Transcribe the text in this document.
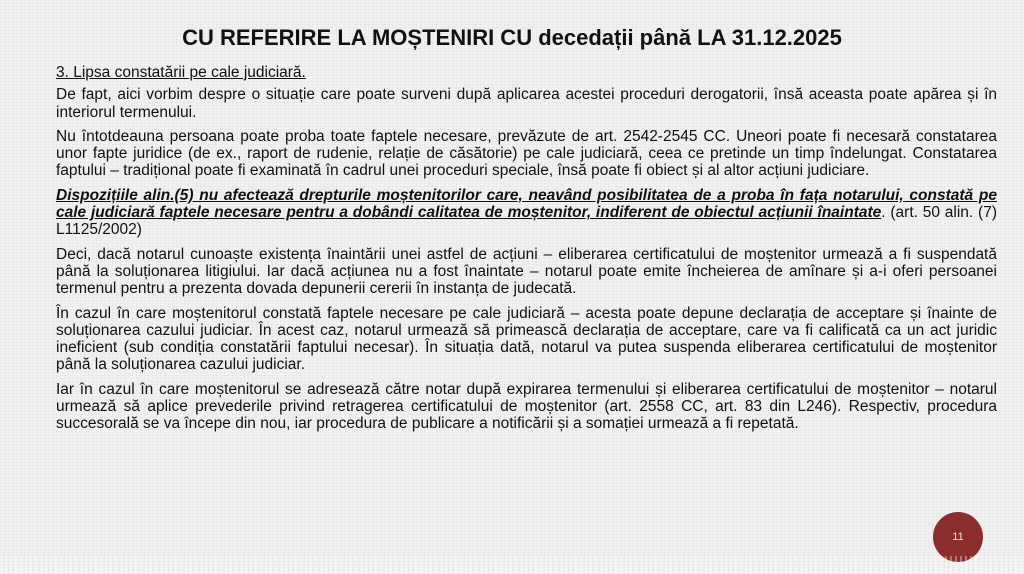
CU REFERIRE LA MOȘTENIRI CU decedații până LA 31.12.2025

3. Lipsa constatării pe cale judiciară.

De fapt, aici vorbim despre o situație care poate surveni după aplicarea acestei proceduri derogatorii, însă aceasta poate apărea și în interiorul termenului.

Nu întotdeauna persoana poate proba toate faptele necesare, prevăzute de art. 2542-2545 CC. Uneori poate fi necesară constatarea unor fapte juridice (de ex., raport de rudenie, relație de căsătorie) pe cale judiciară, ceea ce pretinde un timp îndelungat. Constatarea faptului – tradițional poate fi examinată în cadrul unei proceduri speciale, însă poate fi obiect și al altor acțiuni judiciare.

Dispozițiile alin.(5) nu afectează drepturile moștenitorilor care, neavând posibilitatea de a proba în fața notarului, constată pe cale judiciară faptele necesare pentru a dobândi calitatea de moștenitor, indiferent de obiectul acțiunii înaintate. (art. 50 alin. (7) L1125/2002)

Deci, dacă notarul cunoaște existența înaintării unei astfel de acțiuni – eliberarea certificatului de moștenitor urmează a fi suspendată până la soluționarea litigiului. Iar dacă acțiunea nu a fost înaintate – notarul poate emite încheierea de amînare și a-i oferi persoanei termenul pentru a prezenta dovada depunerii cererii în instanța de judecată.

În cazul în care moștenitorul constată faptele necesare pe cale judiciară – acesta poate depune declarația de acceptare și înainte de soluționarea cazului judiciar. În acest caz, notarul urmează să primească declarația de acceptare, care va fi calificată ca un act juridic ineficient (sub condiția constatării faptului necesar). În situația dată, notarul va putea suspenda eliberarea certificatului de moștenitor până la soluționarea cazului judiciar.

Iar în cazul în care moștenitorul se adresează către notar după expirarea termenului și eliberarea certificatului de moștenitor – notarul urmează să aplice prevederile privind retragerea certificatului de moștenitor (art. 2558 CC, art. 83 din L246). Respectiv, procedura succesorală se va începe din nou, iar procedura de publicare a notificării și a somației urmează a fi repetată.

11
